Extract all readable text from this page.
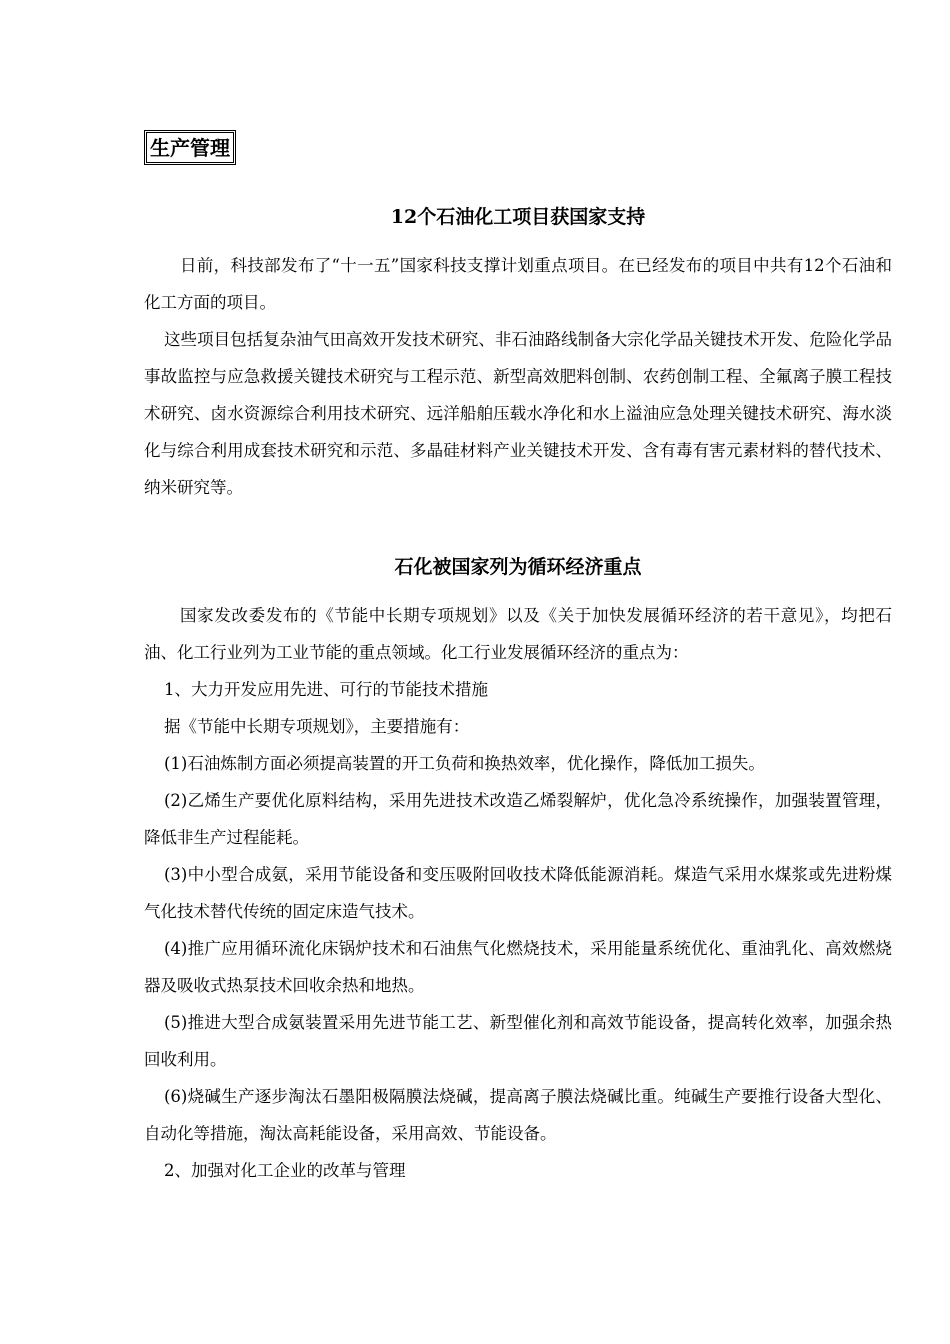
生产管理
12个石油化工项目获国家支持

日前，科技部发布了“十一五”国家科技支撑计划重点项目。在已经发布的项目中共有12个石油和化工方面的项目。

这些项目包括复杂油气田高效开发技术研究、非石油路线制备大宗化学品关键技术开发、危险化学品事故监控与应急救援关键技术研究与工程示范、新型高效肥料创制、农药创制工程、全氟离子膜工程技术研究、卤水资源综合利用技术研究、远洋船舶压载水净化和水上溢油应急处理关键技术研究、海水淡化与综合利用成套技术研究和示范、多晶硅材料产业关键技术开发、含有毒有害元素材料的替代技术、纳米研究等。

石化被国家列为循环经济重点

国家发改委发布的《节能中长期专项规划》以及《关于加快发展循环经济的若干意见》，均把石油、化工行业列为工业节能的重点领域。化工行业发展循环经济的重点为：

1、大力开发应用先进、可行的节能技术措施

据《节能中长期专项规划》，主要措施有：

(1)石油炼制方面必须提高装置的开工负荷和换热效率，优化操作，降低加工损失。

(2)乙烯生产要优化原料结构，采用先进技术改造乙烯裂解炉，优化急冷系统操作，加强装置管理，降低非生产过程能耗。

(3)中小型合成氨，采用节能设备和变压吸附回收技术降低能源消耗。煤造气采用水煤浆或先进粉煤气化技术替代传统的固定床造气技术。

(4)推广应用循环流化床锅炉技术和石油焦气化燃烧技术，采用能量系统优化、重油乳化、高效燃烧器及吸收式热泵技术回收余热和地热。

(5)推进大型合成氨装置采用先进节能工艺、新型催化剂和高效节能设备，提高转化效率，加强余热回收利用。

(6)烧碱生产逐步淘汰石墨阳极隔膜法烧碱，提高离子膜法烧碱比重。纯碱生产要推行设备大型化、自动化等措施，淘汰高耗能设备，采用高效、节能设备。

2、加强对化工企业的改革与管理
